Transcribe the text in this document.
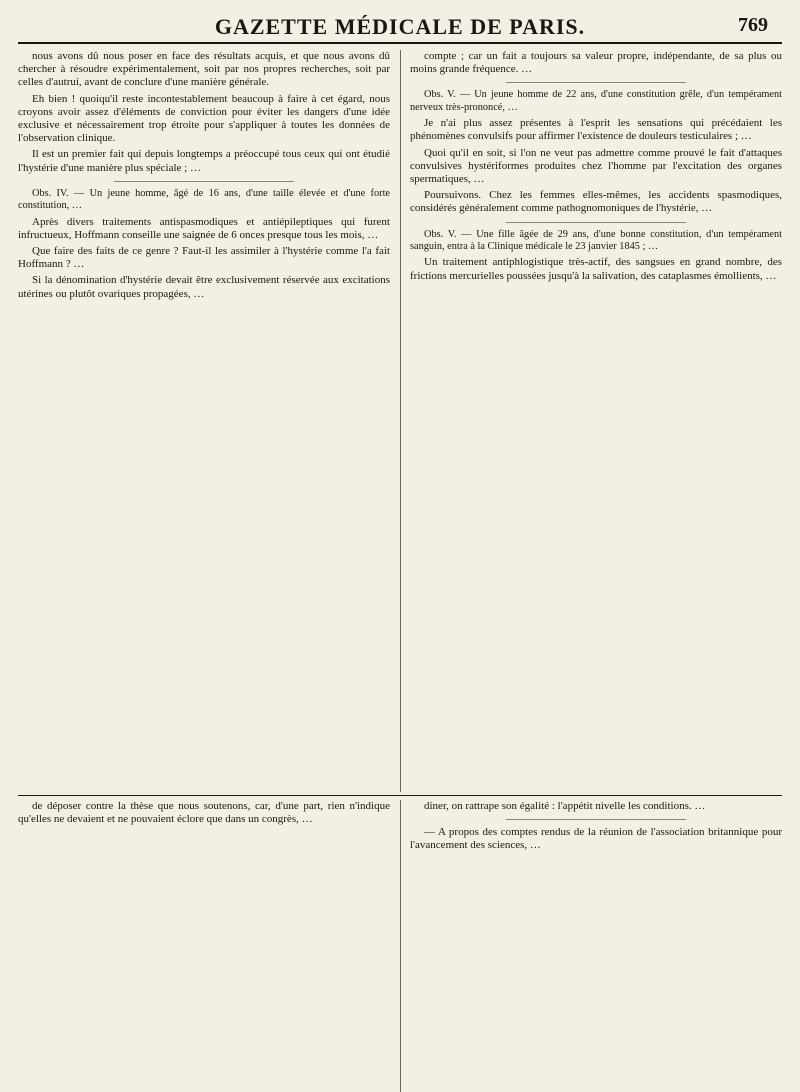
GAZETTE MÉDICALE DE PARIS.	769

nous avons dû nous poser en face des résultats acquis, et que nous avons dû chercher à résoudre expérimentalement, soit par nos propres recherches, soit par celles d'autrui, avant de conclure d'une manière générale.

Eh bien ! quoiqu'il reste incontestablement beaucoup à faire à cet égard, nous croyons avoir assez d'éléments de conviction pour éviter les dangers d'une idée exclusive et nécessairement trop étroite pour s'appliquer à toutes les données de l'observation clinique.

Il est un premier fait qui depuis longtemps a préoccupé tous ceux qui ont étudié l'hystérie d'une manière plus spéciale ; …

Obs. IV. — Un jeune homme, âgé de 16 ans, d'une taille élevée et d'une forte constitution, …

Après divers traitements antispasmodiques et antiépileptiques qui furent infructueux, Hoffmann conseille une saignée de 6 onces presque tous les mois, …

Que faire des faits de ce genre ? Faut-il les assimiler à l'hystérie comme l'a fait Hoffmann ? …

Si la dénomination d'hystérie devait être exclusivement réservée aux excitations utérines ou plutôt ovariques propagées, …

compte ; car un fait a toujours sa valeur propre, indépendante, de sa plus ou moins grande fréquence. …

Obs. V. — Un jeune homme de 22 ans, d'une constitution grêle, d'un tempérament nerveux très-prononcé, …

Je n'ai plus assez présentes à l'esprit les sensations qui précédaient les phénomènes convulsifs pour affirmer l'existence de douleurs testiculaires ; …

Quoi qu'il en soit, si l'on ne veut pas admettre comme prouvé le fait d'attaques convulsives hystériformes produites chez l'homme par l'excitation des organes spermatiques, …

Poursuivons. Chez les femmes elles-mêmes, les accidents spasmodiques, considérés généralement comme pathognomoniques de l'hystérie, …

Obs. V. — Une fille âgée de 29 ans, d'une bonne constitution, d'un tempérament sanguin, entra à la Clinique médicale le 23 janvier 1845 ; …

Un traitement antiphlogistique très-actif, des sangsues en grand nombre, des frictions mercurielles poussées jusqu'à la salivation, des cataplasmes émollients, …

de déposer contre la thèse que nous soutenons, car, d'une part, rien n'indique qu'elles ne devaient et ne pouvaient éclore que dans un congrès, …

diner, on rattrape son égalité : l'appétit nivelle les conditions. …

— A propos des comptes rendus de la réunion de l'association britannique pour l'avancement des sciences, …
